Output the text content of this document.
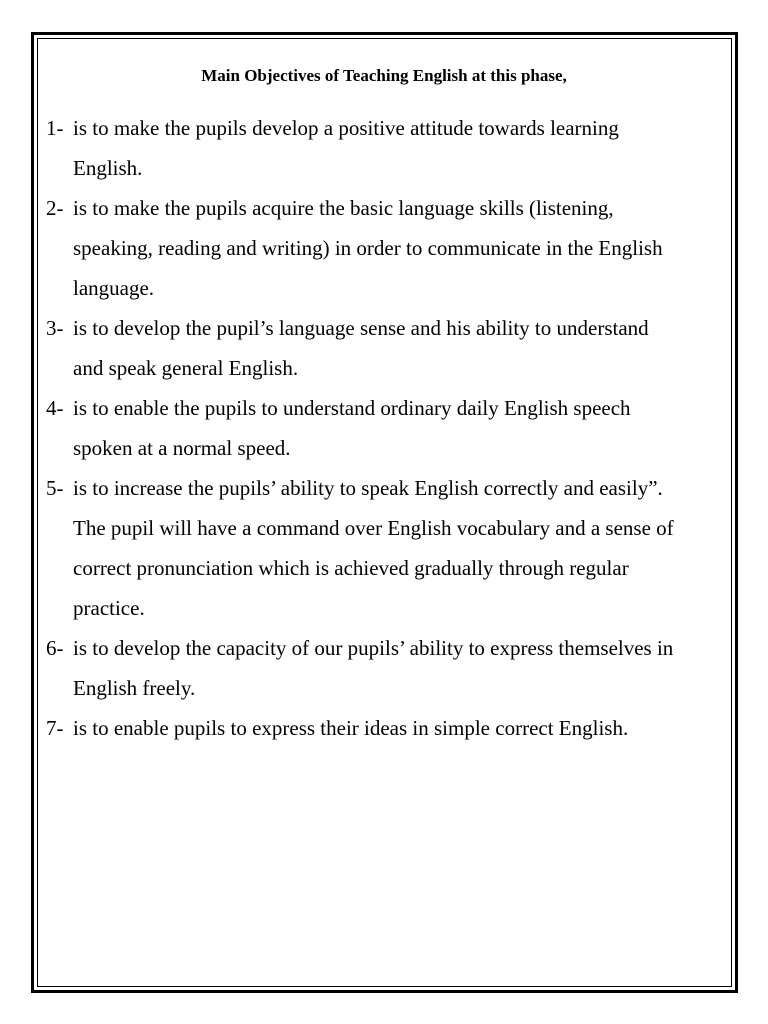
Main Objectives of Teaching English at this phase,
1- is to make the pupils develop a positive attitude towards learning
English.
2- is to make the pupils acquire the basic language skills (listening,
speaking, reading and writing) in order to communicate in the English
language.
3- is to develop the pupil’s language sense and his ability to understand
and speak general English.
4- is to enable the pupils to understand ordinary daily English speech
spoken at a normal speed.
5- is to increase the pupils’ ability to speak English correctly and easily”.
The pupil will have a command over English vocabulary and a sense of
correct pronunciation which is achieved gradually through regular
practice.
6- is to develop the capacity of our pupils’ ability to express themselves in
English freely.
7- is to enable pupils to express their ideas in simple correct English.
